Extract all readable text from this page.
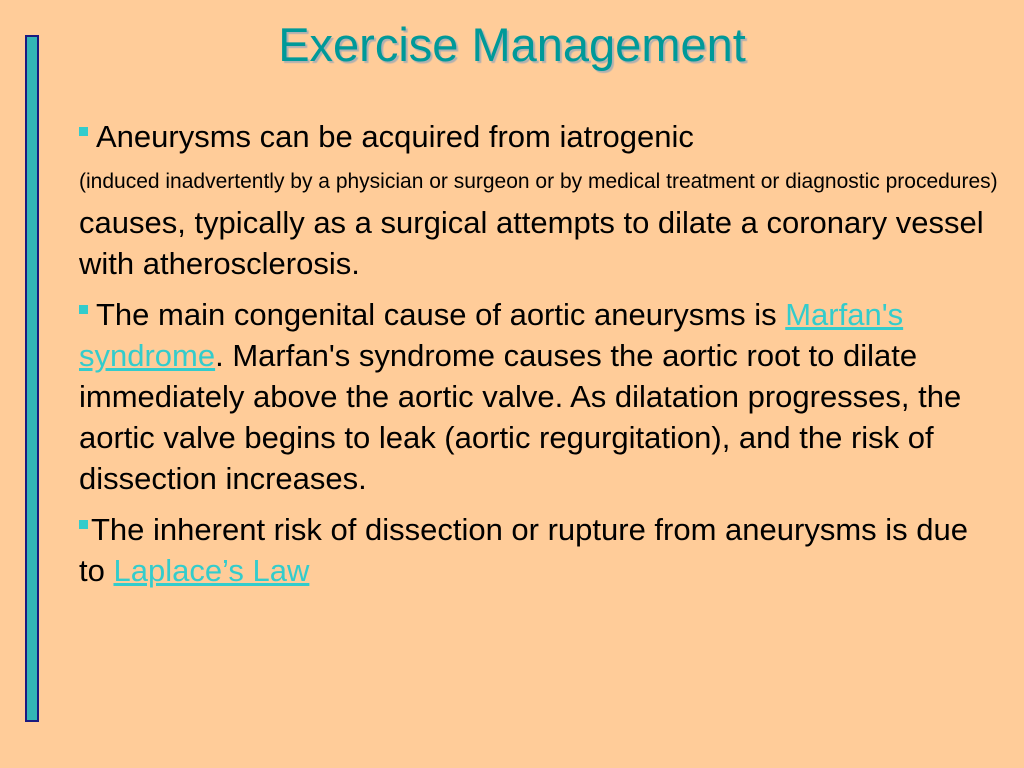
Exercise Management
Aneurysms can be acquired from iatrogenic
(induced inadvertently by a physician or surgeon or by medical treatment or diagnostic procedures) causes, typically as a surgical attempts to dilate a coronary vessel with atherosclerosis.
The main congenital cause of aortic aneurysms is Marfan's syndrome. Marfan's syndrome causes the aortic root to dilate immediately above the aortic valve. As dilatation progresses, the aortic valve begins to leak (aortic regurgitation), and the risk of dissection increases.
The inherent risk of dissection or rupture from aneurysms is due to Laplace’s Law
